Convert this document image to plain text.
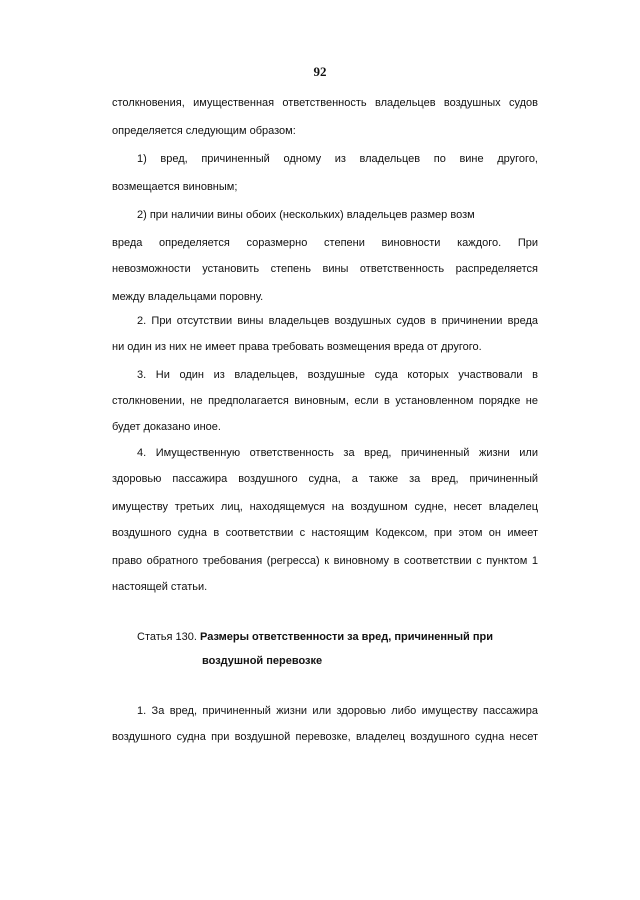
92
столкновения, имущественная ответственность владельцев воздушных судов
определяется следующим образом:
1) вред, причиненный одному из владельцев по вине другого,
возмещается виновным;
2) при наличии вины обоих (нескольких) владельцев размер возм
вреда определяется соразмерно степени виновности каждого. При
невозможности установить степень вины ответственность распределяется
между владельцами поровну.
2. При отсутствии вины владельцев воздушных судов в причинении вреда
ни один из них не имеет права требовать возмещения вреда от другого.
3. Ни один из владельцев, воздушные суда которых участвовали в
столкновении, не предполагается виновным, если в установленном порядке не
будет доказано иное.
4. Имущественную ответственность за вред, причиненный жизни или
здоровью пассажира воздушного судна, а также за вред, причиненный
имуществу третьих лиц, находящемуся на воздушном судне, несет владелец
воздушного судна в соответствии с настоящим Кодексом, при этом он имеет
право обратного требования (регресса) к виновному в соответствии с пунктом 1
настоящей статьи.
Статья 130. Размеры ответственности за вред, причиненный при
воздушной перевозке
1. За вред, причиненный жизни или здоровью либо имуществу пассажира
воздушного судна при воздушной перевозке, владелец воздушного судна несет
